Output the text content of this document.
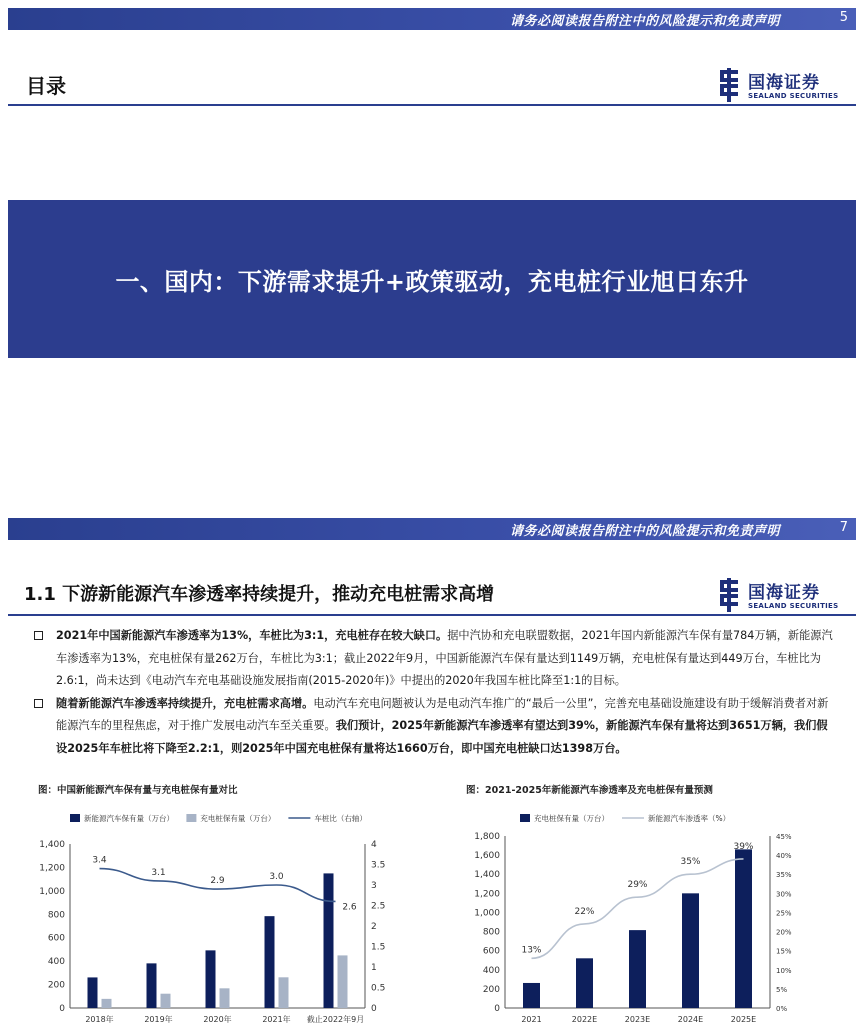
请务必阅读报告附注中的风险提示和免责声明	5
目录	国海证券
SEALAND SECURITIES
一、国内：下游需求提升+政策驱动，充电桩行业旭日东升
请务必阅读报告附注中的风险提示和免责声明	7
1.1 下游新能源汽车渗透率持续提升，推动充电桩需求高增	国海证券
SEALAND SECURITIES
2021年中国新能源汽车渗透率为13%，车桩比为3:1，充电桩存在较大缺口。据中汽协和充电联盟数据，2021年国内新能源汽车保有量784万辆，新能源汽车渗透率为13%，充电桩保有量262万台，车桩比为3:1；截止2022年9月，中国新能源汽车保有量达到1149万辆，充电桩保有量达到449万台，车桩比为2.6:1，尚未达到《电动汽车充电基础设施发展指南(2015-2020年)》中提出的2020年我国车桩比降至1:1的目标。
随着新能源汽车渗透率持续提升，充电桩需求高增。电动汽车充电问题被认为是电动汽车推广的“最后一公里”，完善充电基础设施建设有助于缓解消费者对新能源汽车的里程焦虑，对于推广发展电动汽车至关重要。我们预计，2025年新能源汽车渗透率有望达到39%，新能源汽车保有量将达到3651万辆，我们假设2025年车桩比将下降至2.2:1，则2025年中国充电桩保有量将达1660万台，即中国充电桩缺口达1398万台。
图：中国新能源汽车保有量与充电桩保有量对比
0
200
400
600
800
1,000
1,200
1,400
0
0.5
1
1.5
2
2.5
3
3.5
4
2018年	2019年	2020年	2021年 截止2022年9月
3.4
3.1
2.9	3.0
2.6
新能源汽车保有量（万台）	充电桩保有量（万台）	车桩比（右轴）
图：2021-2025年新能源汽车渗透率及充电桩保有量预测
0
200
400
600
800
1,000
1,200
1,400
1,600
1,800
0%
5%
10%
15%
20%
25%
30%
35%
40%
45%
2021	2022E	2023E	2024E	2025E
13%
22%
29%
35%
39%
充电桩保有量（万台）	新能源汽车渗透率（%）
